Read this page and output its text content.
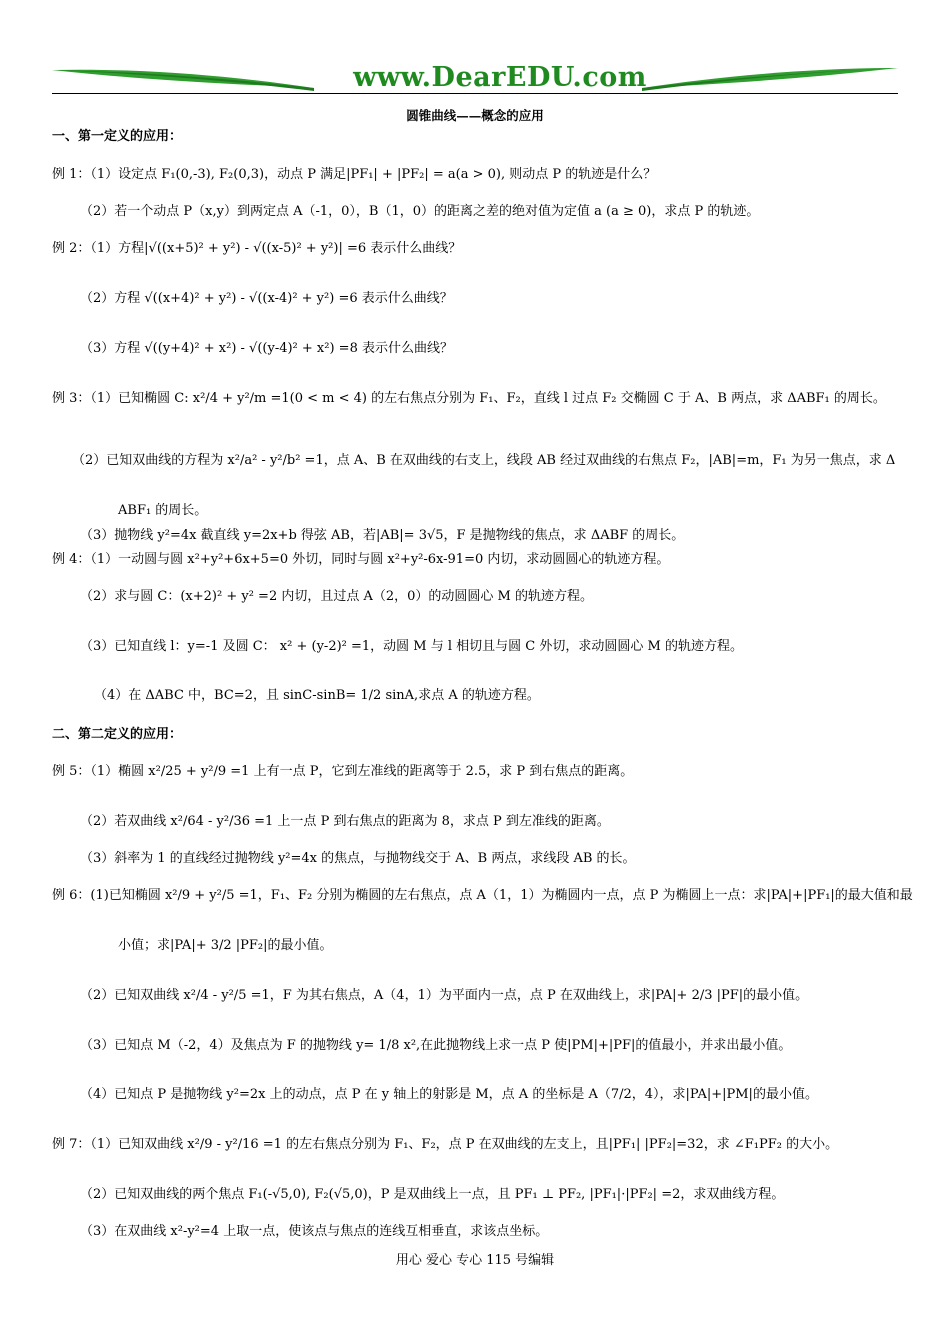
www.DearEDU.com
圆锥曲线——概念的应用
一、第一定义的应用：
例 1：（1）设定点 F₁(0,-3), F₂(0,3)，动点 P 满足|PF₁| + |PF₂| = a(a > 0), 则动点 P 的轨迹是什么？
（2）若一个动点 P（x,y）到两定点 A（-1，0），B（1，0）的距离之差的绝对值为定值 a (a ≥ 0)，求点 P 的轨迹。
例 2：（1）方程|√((x+5)² + y²) - √((x-5)² + y²)| =6 表示什么曲线？
（2）方程 √((x+4)² + y²) - √((x-4)² + y²) =6 表示什么曲线？
（3）方程 √((y+4)² + x²) - √((y-4)² + x²) =8 表示什么曲线？
例 3：（1）已知椭圆 C: x²/4 + y²/m =1(0 < m < 4) 的左右焦点分别为 F₁、F₂，直线 l 过点 F₂ 交椭圆 C 于 A、B 两点，求 ΔABF₁ 的周长。
（2）已知双曲线的方程为 x²/a² - y²/b² =1，点 A、B 在双曲线的右支上，线段 AB 经过双曲线的右焦点 F₂，|AB|=m，F₁ 为另一焦点，求 Δ
ABF₁ 的周长。
（3）抛物线 y²=4x 截直线 y=2x+b 得弦 AB，若|AB|= 3√5，F 是抛物线的焦点，求 ΔABF 的周长。
例 4：（1）一动圆与圆 x²+y²+6x+5=0 外切，同时与圆 x²+y²-6x-91=0 内切，求动圆圆心的轨迹方程。
（2）求与圆 C：(x+2)² + y² =2 内切，且过点 A（2，0）的动圆圆心 M 的轨迹方程。
（3）已知直线 l：y=-1 及圆 C： x² + (y-2)² =1，动圆 M 与 l 相切且与圆 C 外切，求动圆圆心 M 的轨迹方程。
（4）在 ΔABC 中，BC=2，且 sinC-sinB= 1/2 sinA,求点 A 的轨迹方程。
二、第二定义的应用：
例 5：（1）椭圆 x²/25 + y²/9 =1 上有一点 P，它到左准线的距离等于 2.5，求 P 到右焦点的距离。
（2）若双曲线 x²/64 - y²/36 =1 上一点 P 到右焦点的距离为 8，求点 P 到左准线的距离。
（3）斜率为 1 的直线经过抛物线 y²=4x 的焦点，与抛物线交于 A、B 两点，求线段 AB 的长。
例 6：(1)已知椭圆 x²/9 + y²/5 =1，F₁、F₂ 分别为椭圆的左右焦点，点 A（1，1）为椭圆内一点，点 P 为椭圆上一点：求|PA|+|PF₁|的最大值和最
小值；求|PA|+ 3/2 |PF₂|的最小值。
（2）已知双曲线 x²/4 - y²/5 =1，F 为其右焦点，A（4，1）为平面内一点，点 P 在双曲线上，求|PA|+ 2/3 |PF|的最小值。
（3）已知点 M（-2，4）及焦点为 F 的抛物线 y= 1/8 x²,在此抛物线上求一点 P 使|PM|+|PF|的值最小，并求出最小值。
（4）已知点 P 是抛物线 y²=2x 上的动点，点 P 在 y 轴上的射影是 M，点 A 的坐标是 A（7/2，4），求|PA|+|PM|的最小值。
例 7：（1）已知双曲线 x²/9 - y²/16 =1 的左右焦点分别为 F₁、F₂，点 P 在双曲线的左支上，且|PF₁| |PF₂|=32，求 ∠F₁PF₂ 的大小。
（2）已知双曲线的两个焦点 F₁(-√5,0), F₂(√5,0)，P 是双曲线上一点，且 PF₁ ⊥ PF₂, |PF₁|·|PF₂| =2，求双曲线方程。
（3）在双曲线 x²-y²=4 上取一点，使该点与焦点的连线互相垂直，求该点坐标。
用心 爱心 专心 115 号编辑
